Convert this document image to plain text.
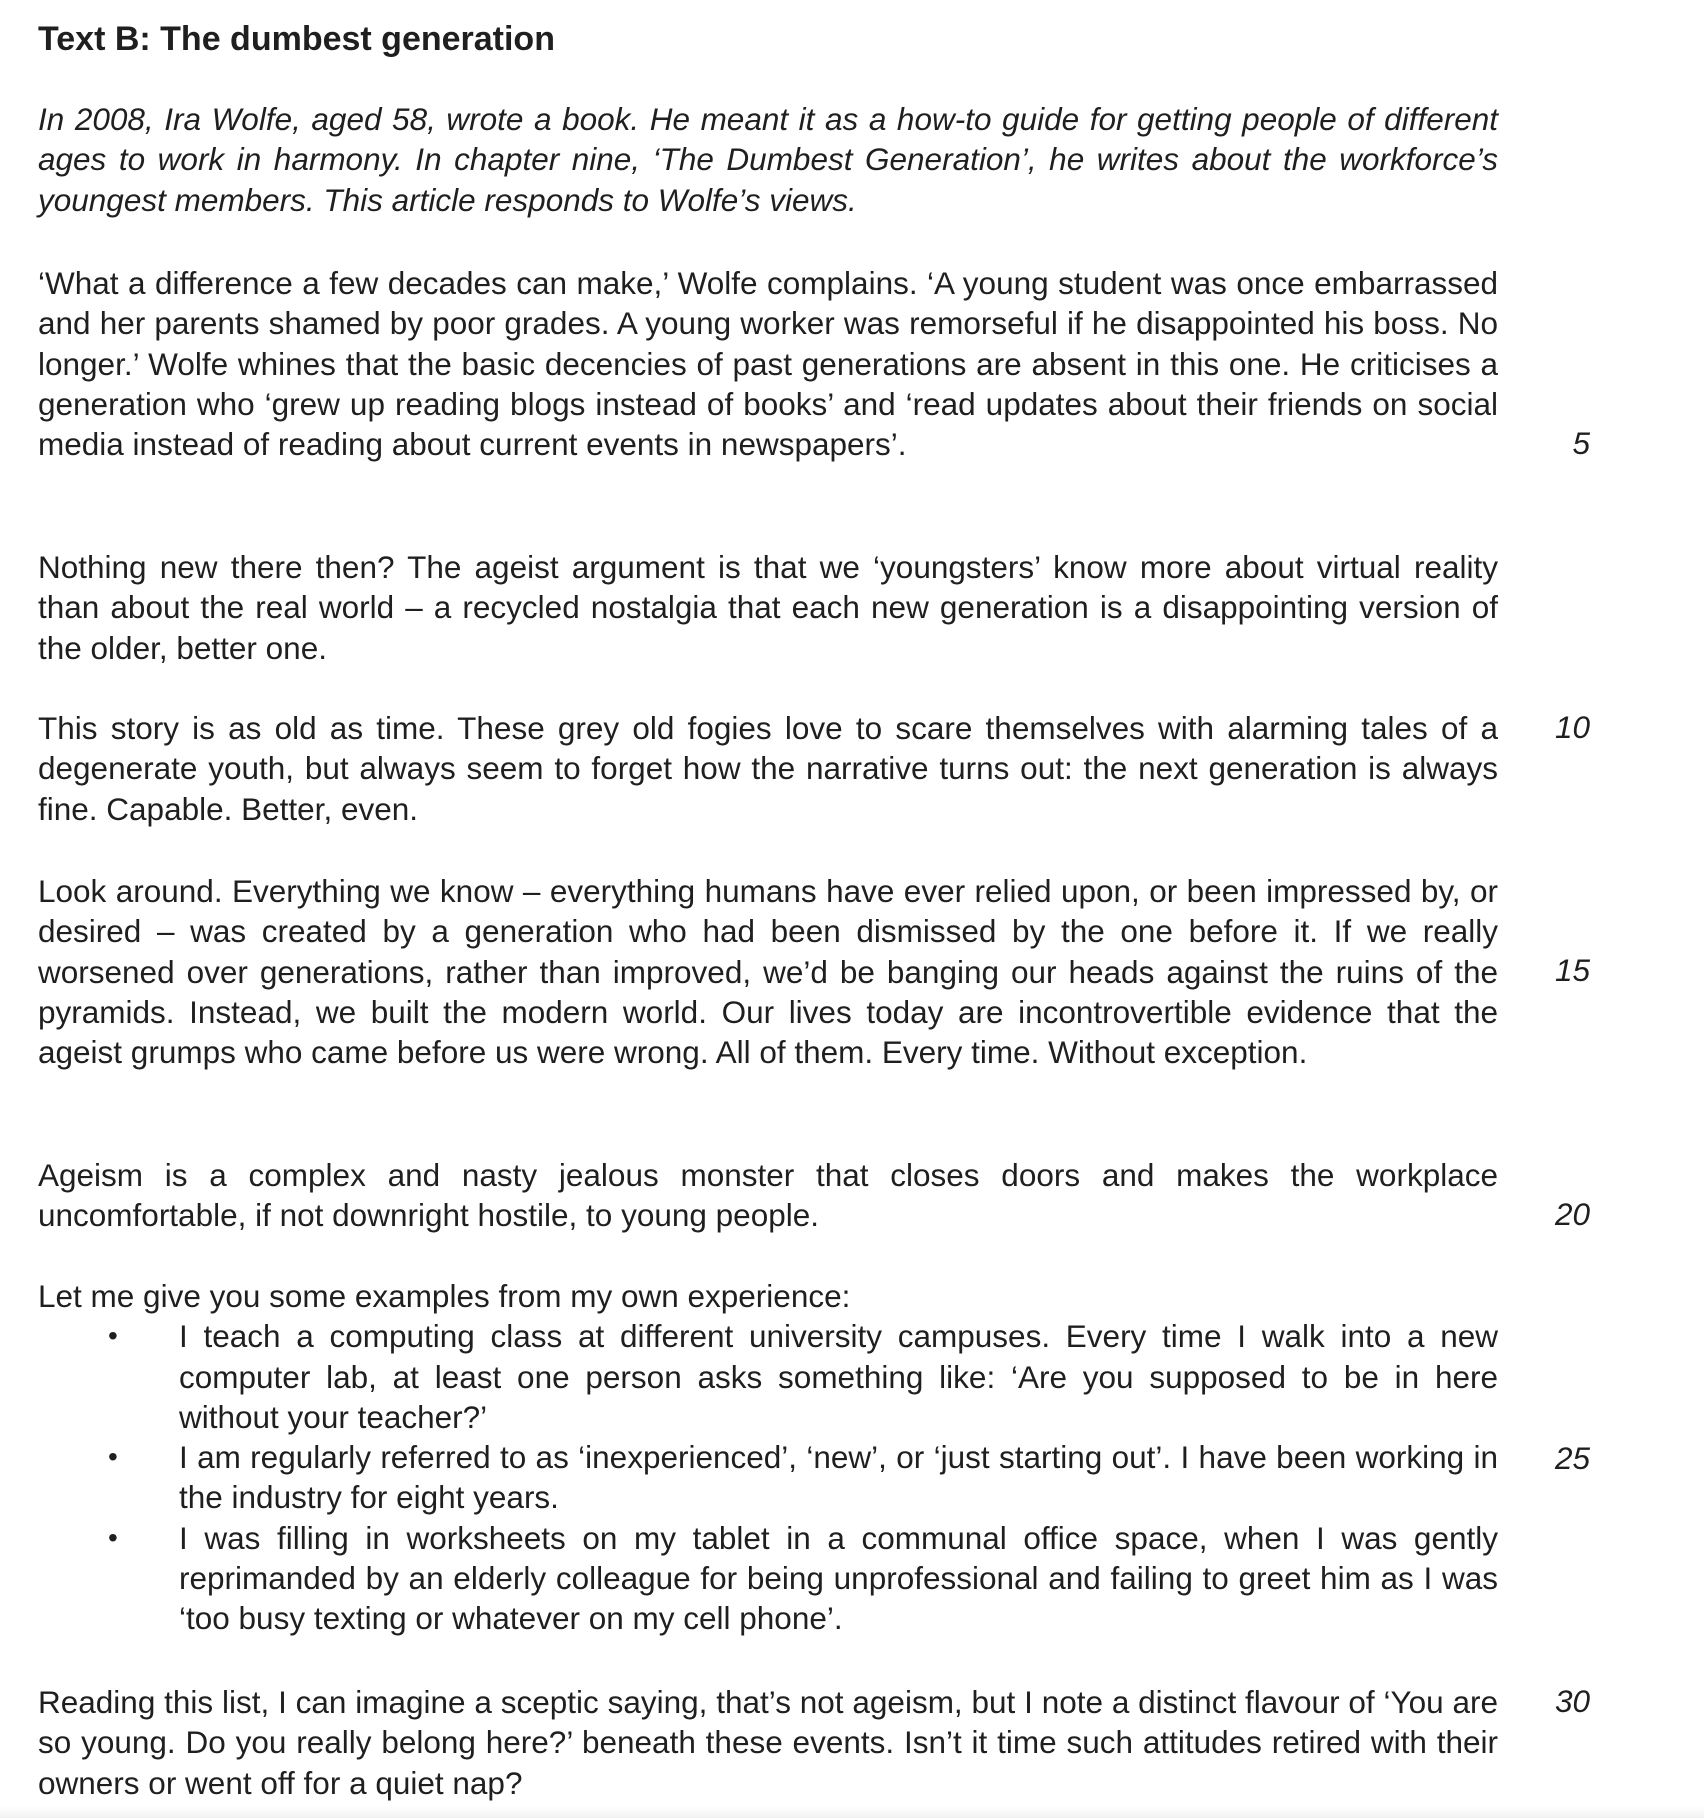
Text B: The dumbest generation

In 2008, Ira Wolfe, aged 58, wrote a book. He meant it as a how-to guide for getting people of different ages to work in harmony. In chapter nine, ‘The Dumbest Generation’, he writes about the workforce’s youngest members. This article responds to Wolfe’s views.

‘What a difference a few decades can make,’ Wolfe complains. ‘A young student was once embarrassed and her parents shamed by poor grades. A young worker was remorseful if he disappointed his boss. No longer.’ Wolfe whines that the basic decencies of past generations are absent in this one. He criticises a generation who ‘grew up reading blogs instead of books’ and ‘read updates about their friends on social media instead of reading about current events in newspapers’.

Nothing new there then? The ageist argument is that we ‘youngsters’ know more about virtual reality than about the real world – a recycled nostalgia that each new generation is a disappointing version of the older, better one.

This story is as old as time. These grey old fogies love to scare themselves with alarming tales of a degenerate youth, but always seem to forget how the narrative turns out: the next generation is always fine. Capable. Better, even.

Look around. Everything we know – everything humans have ever relied upon, or been impressed by, or desired – was created by a generation who had been dismissed by the one before it. If we really worsened over generations, rather than improved, we’d be banging our heads against the ruins of the pyramids. Instead, we built the modern world. Our lives today are incontrovertible evidence that the ageist grumps who came before us were wrong. All of them. Every time. Without exception.

Ageism is a complex and nasty jealous monster that closes doors and makes the workplace uncomfortable, if not downright hostile, to young people.

Let me give you some examples from my own experience:

• I teach a computing class at different university campuses. Every time I walk into a new computer lab, at least one person asks something like: ‘Are you supposed to be in here without your teacher?’
• I am regularly referred to as ‘inexperienced’, ‘new’, or ‘just starting out’. I have been working in the industry for eight years.
• I was filling in worksheets on my tablet in a communal office space, when I was gently reprimanded by an elderly colleague for being unprofessional and failing to greet him as I was ‘too busy texting or whatever on my cell phone’.

Reading this list, I can imagine a sceptic saying, that’s not ageism, but I note a distinct flavour of ‘You are so young. Do you really belong here?’ beneath these events. Isn’t it time such attitudes retired with their owners or went off for a quiet nap?

5
10
15
20
25
30
